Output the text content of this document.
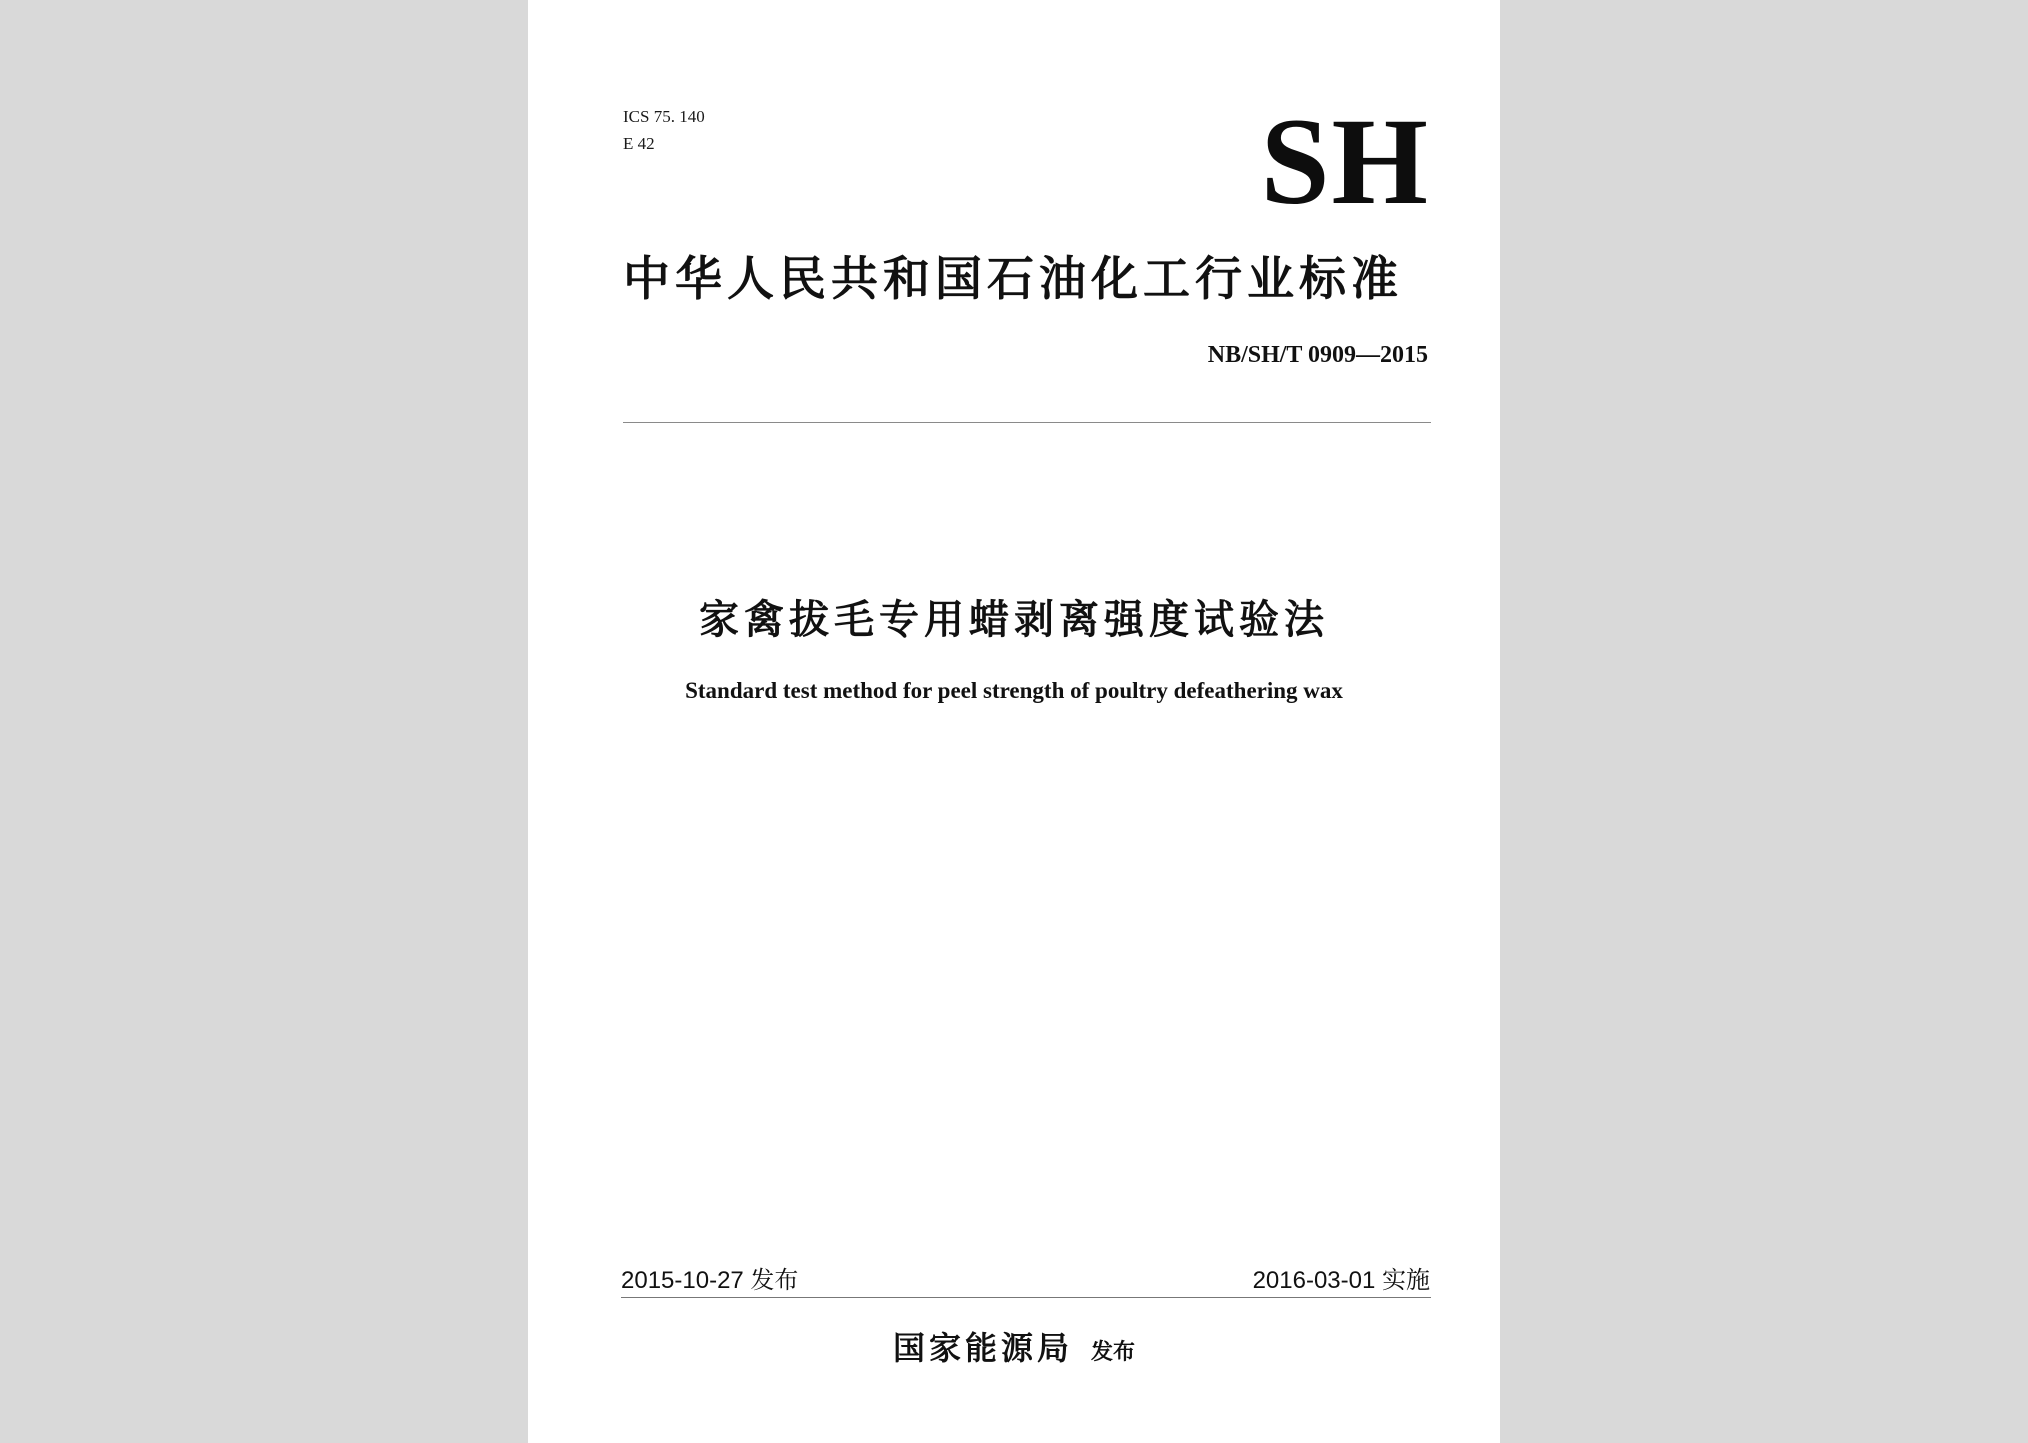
ICS 75. 140
E 42	SH
中华人民共和国石油化工行业标准
NB/SH/T 0909—2015
家禽拔毛专用蜡剥离强度试验法
Standard test method for peel strength of poultry defeathering wax
2015-10-27 发布	2016-03-01 实施
国家能源局 发布
